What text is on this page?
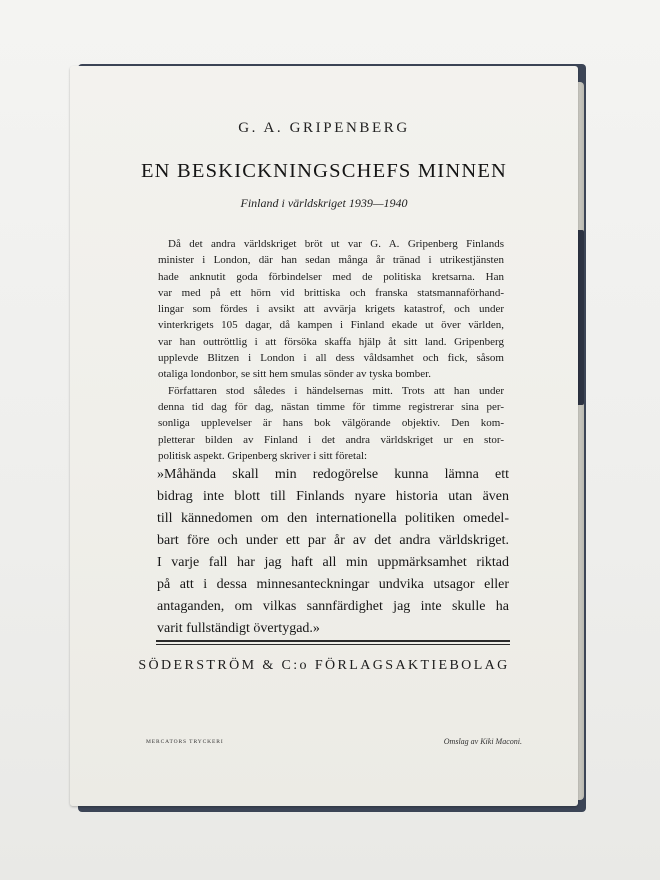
G. A. GRIPENBERG
EN BESKICKNINGSCHEFS MINNEN
Finland i världskriget 1939—1940
Då det andra världskriget bröt ut var G. A. Gripenberg Finlands
minister i London, där han sedan många år tränad i utrikestjänsten
hade anknutit goda förbindelser med de politiska kretsarna. Han
var med på ett hörn vid brittiska och franska statsmannaförhand-
lingar som fördes i avsikt att avvärja krigets katastrof, och under
vinterkrigets 105 dagar, då kampen i Finland ekade ut över världen,
var han outtröttlig i att försöka skaffa hjälp åt sitt land. Gripenberg
upplevde Blitzen i London i all dess våldsamhet och fick, såsom
otaliga londonbor, se sitt hem smulas sönder av tyska bomber.
Författaren stod således i händelsernas mitt. Trots att han under
denna tid dag för dag, nästan timme för timme registrerar sina per-
sonliga upplevelser är hans bok välgörande objektiv. Den kom-
pletterar bilden av Finland i det andra världskriget ur en stor-
politisk aspekt. Gripenberg skriver i sitt företal:
»Måhända skall min redogörelse kunna lämna ett
bidrag inte blott till Finlands nyare historia utan även
till kännedomen om den internationella politiken omedel-
bart före och under ett par år av det andra världskriget.
I varje fall har jag haft all min uppmärksamhet riktad
på att i dessa minnesanteckningar undvika utsagor eller
antaganden, om vilkas sannfärdighet jag inte skulle ha
varit fullständigt övertygad.»
SÖDERSTRÖM & C:o FÖRLAGSAKTIEBOLAG
MERCATORS TRYCKERI	Omslag av Kiki Maconi.
